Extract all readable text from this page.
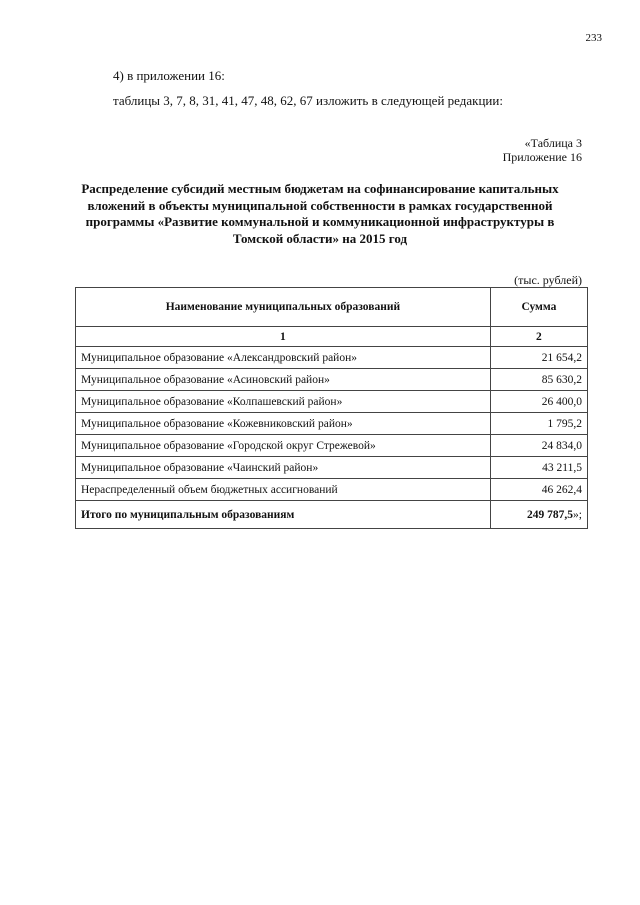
233
4) в приложении 16:
таблицы 3, 7, 8, 31, 41, 47, 48, 62, 67 изложить в следующей редакции:
«Таблица 3
Приложение 16
Распределение субсидий местным бюджетам на софинансирование капитальных вложений в объекты муниципальной собственности в рамках государственной программы «Развитие коммунальной и коммуникационной инфраструктуры в Томской области» на 2015 год
(тыс. рублей)
Наименование муниципальных образований	Сумма
1	2
Муниципальное образование «Александровский район»	21 654,2
Муниципальное образование «Асиновский район»	85 630,2
Муниципальное образование «Колпашевский район»	26 400,0
Муниципальное образование «Кожевниковский район»	1 795,2
Муниципальное образование «Городской округ Стрежевой»	24 834,0
Муниципальное образование «Чаинский район»	43 211,5
Нераспределенный объем бюджетных ассигнований	46 262,4
Итого по муниципальным образованиям	249 787,5»;
